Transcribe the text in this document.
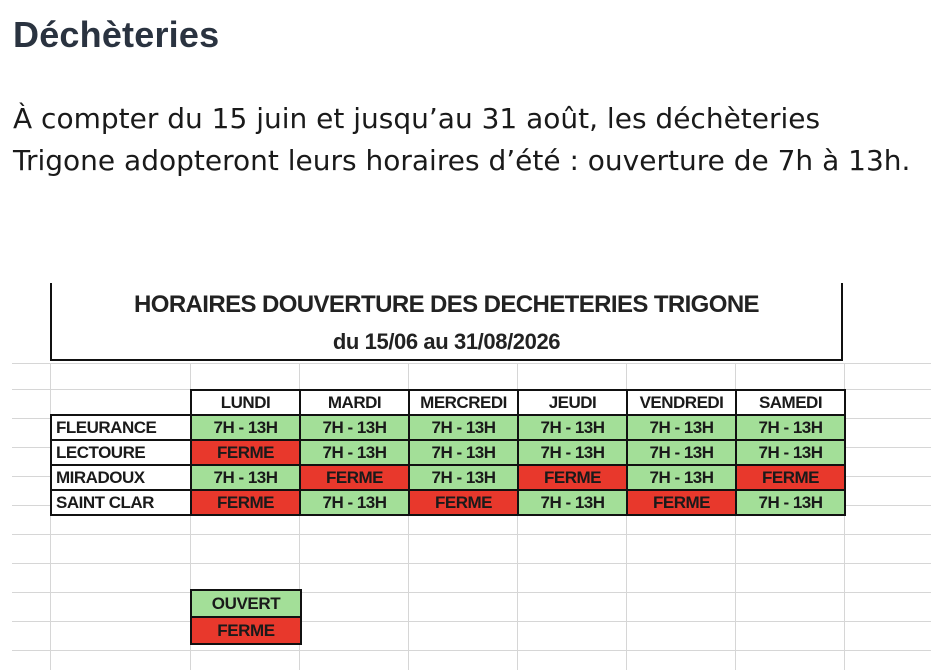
Déchèteries

À compter du 15 juin et jusqu’au 31 août, les déchèteries Trigone adopteront leurs horaires d’été : ouverture de 7h à 13h.

HORAIRES DOUVERTURE DES DECHETERIES TRIGONE
du 15/06 au 31/08/2026
	LUNDI	MARDI	MERCREDI	JEUDI	VENDREDI	SAMEDI
FLEURANCE	7H - 13H	7H - 13H	7H - 13H	7H - 13H	7H - 13H	7H - 13H
LECTOURE	FERME	7H - 13H	7H - 13H	7H - 13H	7H - 13H	7H - 13H
MIRADOUX	7H - 13H	FERME	7H - 13H	FERME	7H - 13H	FERME
SAINT CLAR	FERME	7H - 13H	FERME	7H - 13H	FERME	7H - 13H
OUVERT
FERME
